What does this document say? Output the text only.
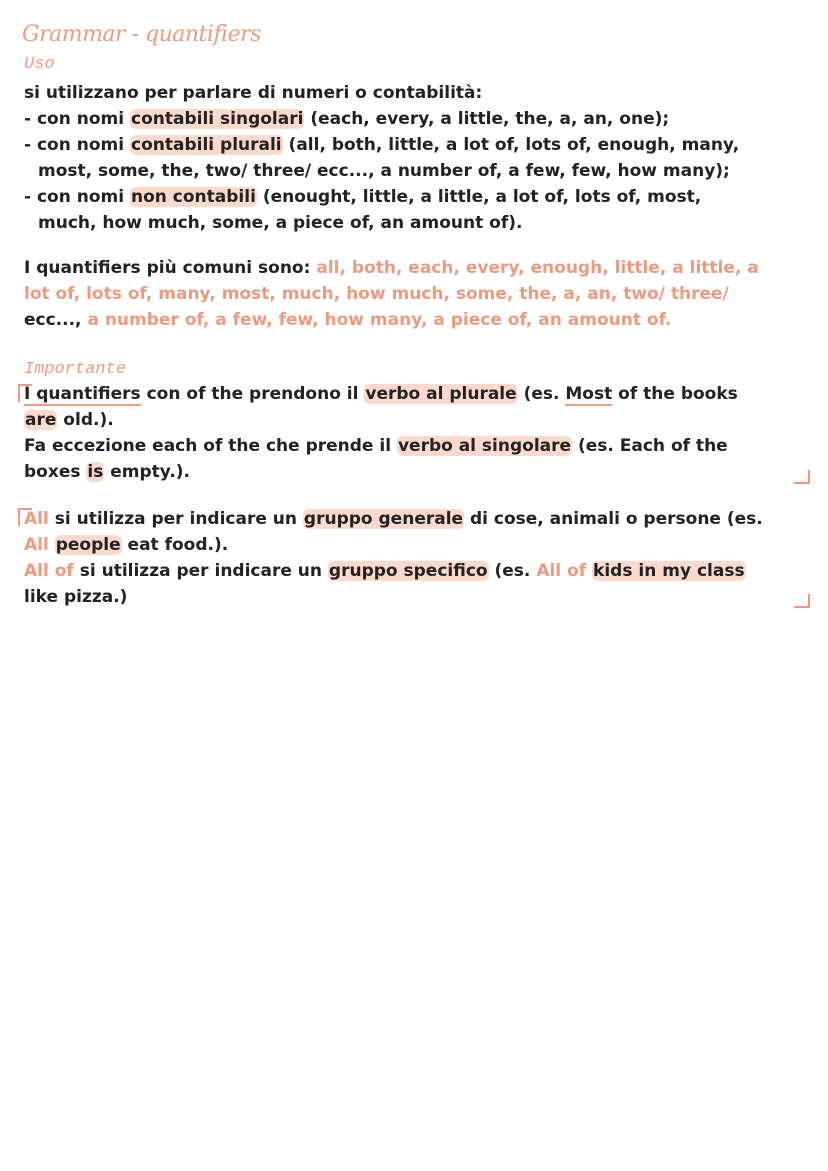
Grammar - quantifiers
Uso
si utilizzano per parlare di numeri o contabilità:
- con nomi contabili singolari (each, every, a little, the, a, an, one);
- con nomi contabili plurali (all, both, little, a lot of, lots of, enough, many,
most, some, the, two/ three/ ecc..., a number of, a few, few, how many);
- con nomi non contabili (enought, little, a little, a lot of, lots of, most,
much, how much, some, a piece of, an amount of).
I quantifiers più comuni sono: all, both, each, every, enough, little, a little, a
lot of, lots of, many, most, much, how much, some, the, a, an, two/ three/
ecc..., a number of, a few, few, how many, a piece of, an amount of.
Importante
I quantifiers con of the prendono il verbo al plurale (es. Most of the books
are old.).
Fa eccezione each of the che prende il verbo al singolare (es. Each of the
boxes is empty.).
All si utilizza per indicare un gruppo generale di cose, animali o persone (es.
All people eat food.).
All of si utilizza per indicare un gruppo specifico (es. All of kids in my class
like pizza.)
